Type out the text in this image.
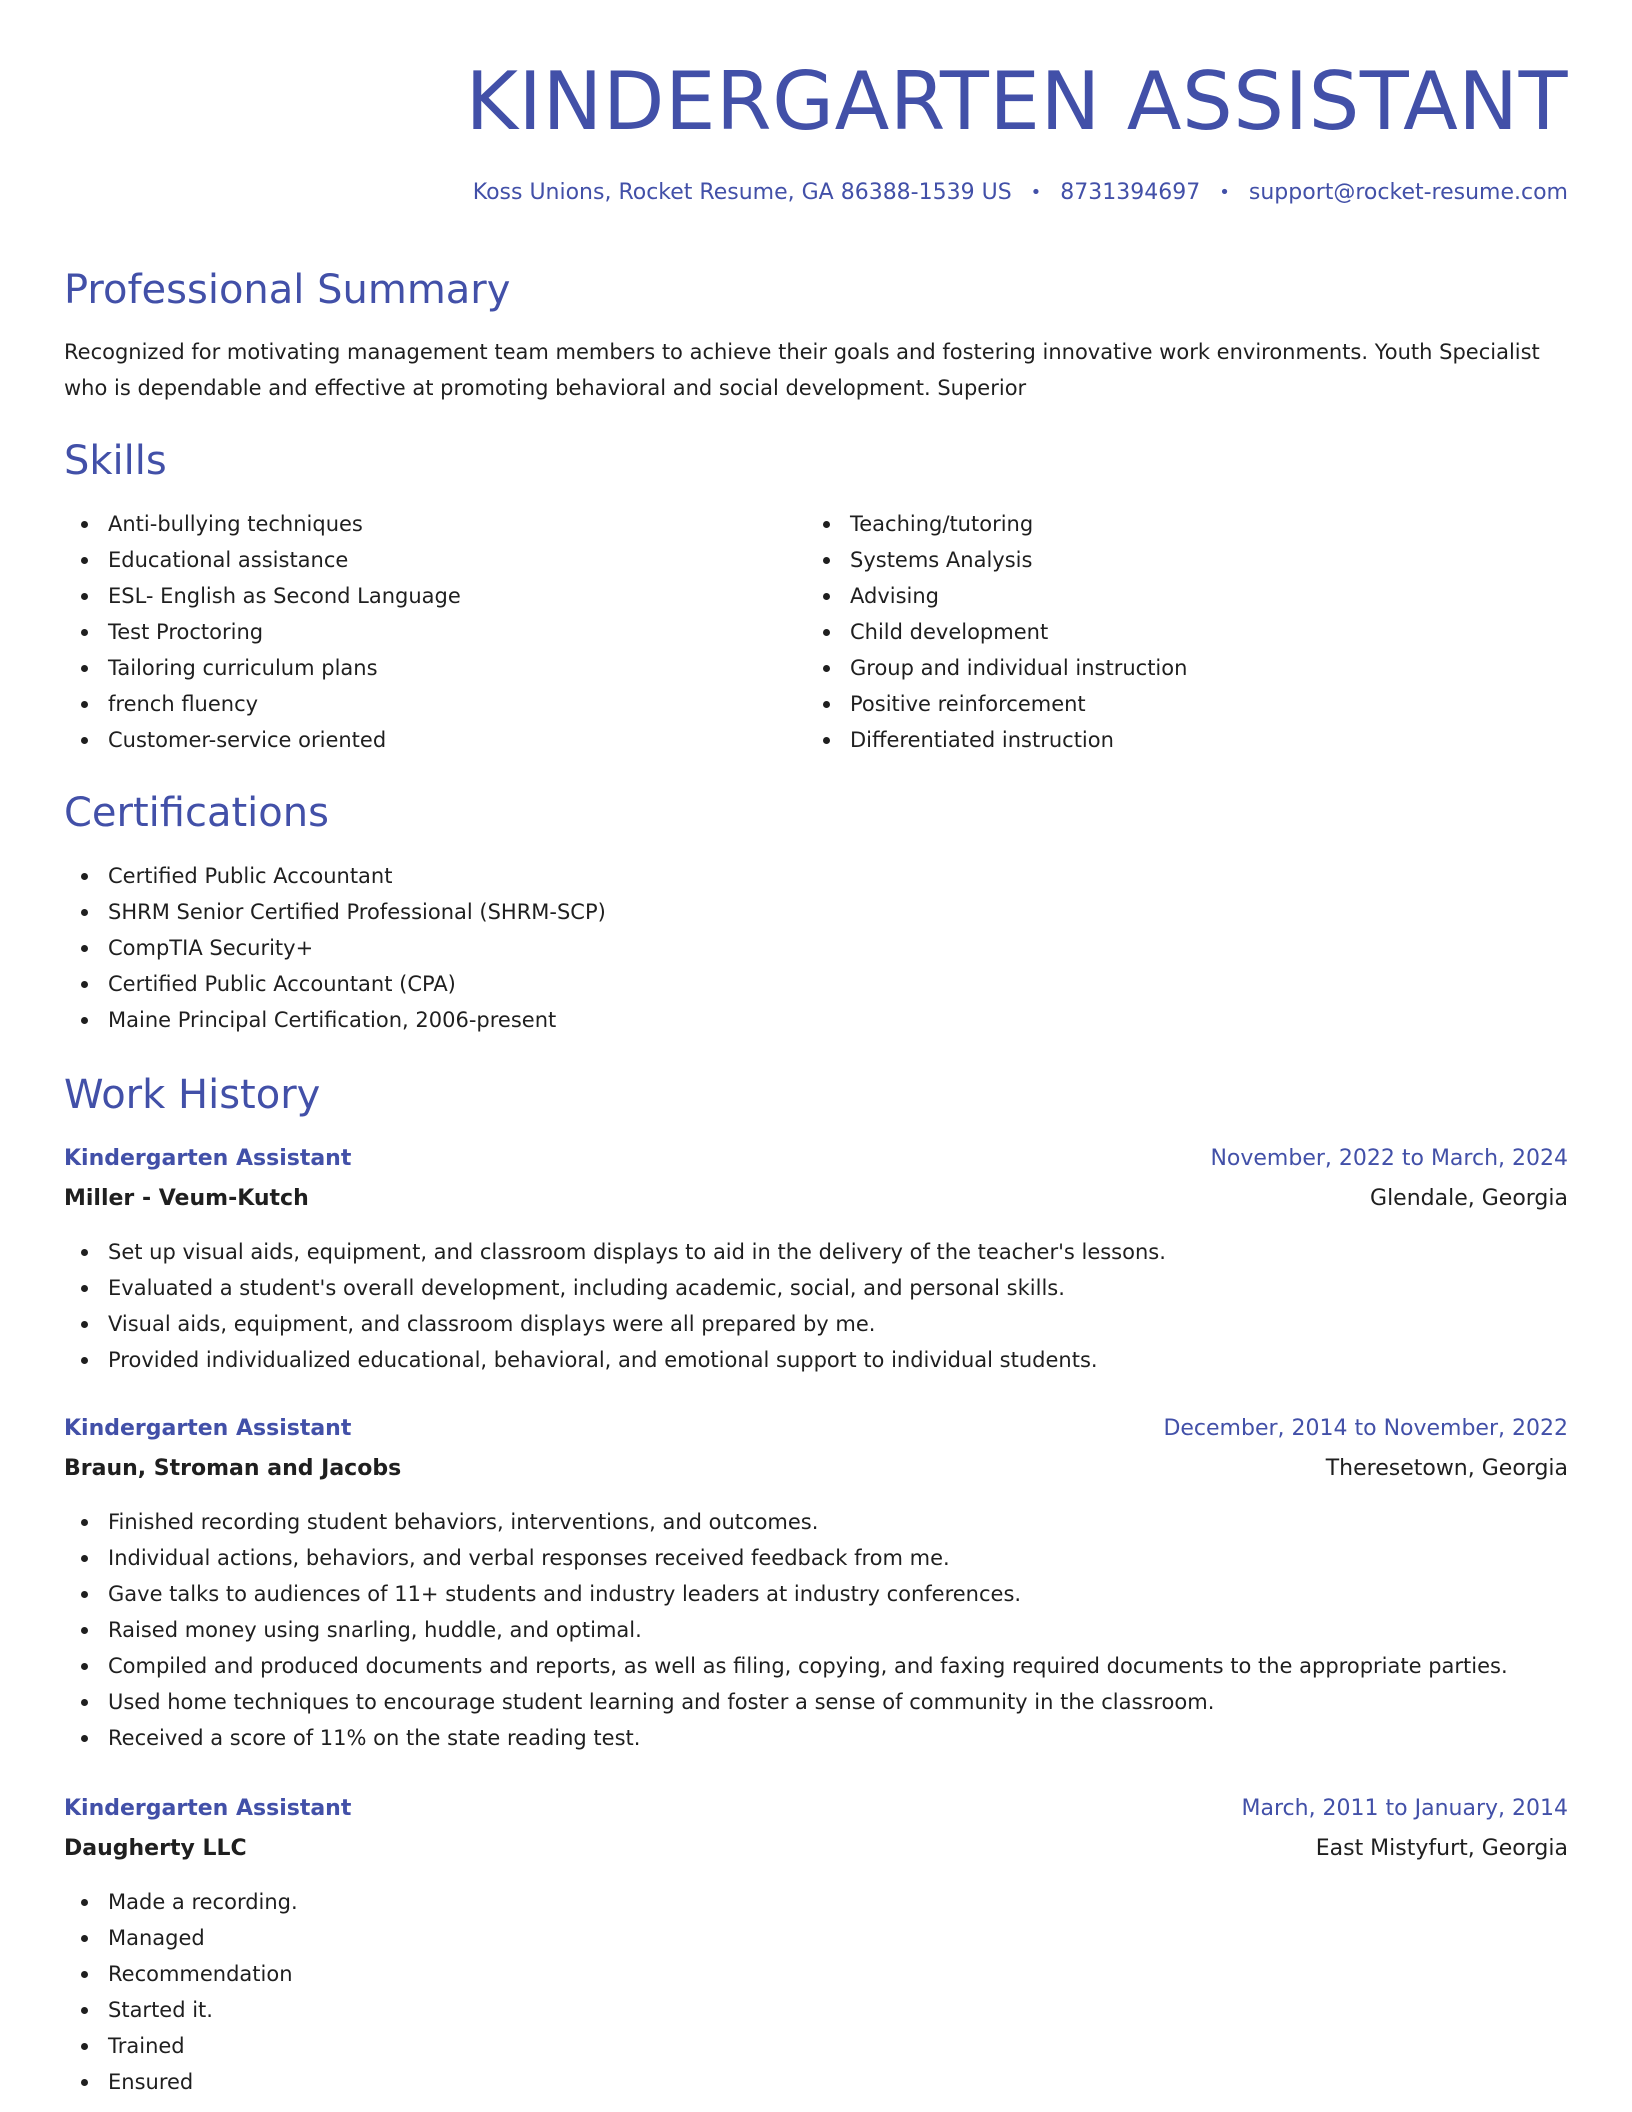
KINDERGARTEN ASSISTANT
Koss Unions, Rocket Resume, GA 86388-1539 US • 8731394697 • support@rocket-resume.com
Professional Summary

Recognized for motivating management team members to achieve their goals and fostering innovative work environments. Youth Specialist who is dependable and effective at promoting behavioral and social development. Superior

Skills
Anti-bullying techniques
Educational assistance
ESL- English as Second Language
Test Proctoring
Tailoring curriculum plans
french fluency
Customer-service oriented
Teaching/tutoring
Systems Analysis
Advising
Child development
Group and individual instruction
Positive reinforcement
Differentiated instruction
Certifications
Certified Public Accountant
SHRM Senior Certified Professional (SHRM-SCP)
CompTIA Security+
Certified Public Accountant (CPA)
Maine Principal Certification, 2006-present
Work History
Kindergarten Assistant	November, 2022 to March, 2024
Miller - Veum-Kutch	Glendale, Georgia
Set up visual aids, equipment, and classroom displays to aid in the delivery of the teacher's lessons.
Evaluated a student's overall development, including academic, social, and personal skills.
Visual aids, equipment, and classroom displays were all prepared by me.
Provided individualized educational, behavioral, and emotional support to individual students.
Kindergarten Assistant	December, 2014 to November, 2022
Braun, Stroman and Jacobs	Theresetown, Georgia
Finished recording student behaviors, interventions, and outcomes.
Individual actions, behaviors, and verbal responses received feedback from me.
Gave talks to audiences of 11+ students and industry leaders at industry conferences.
Raised money using snarling, huddle, and optimal.
Compiled and produced documents and reports, as well as filing, copying, and faxing required documents to the appropriate parties.
Used home techniques to encourage student learning and foster a sense of community in the classroom.
Received a score of 11% on the state reading test.
Kindergarten Assistant	March, 2011 to January, 2014
Daugherty LLC	East Mistyfurt, Georgia
Made a recording.
Managed
Recommendation
Started it.
Trained
Ensured
